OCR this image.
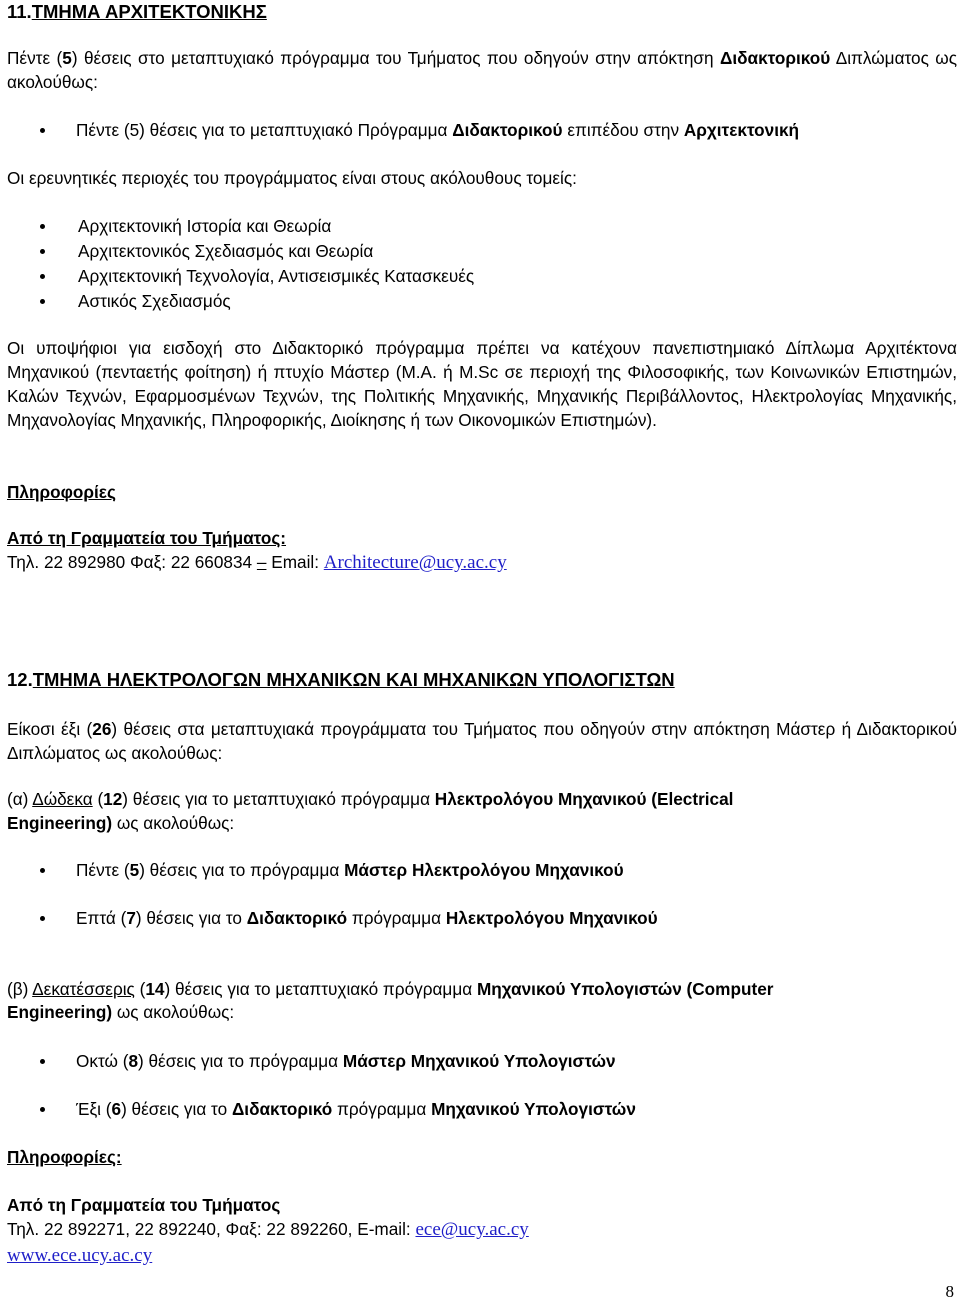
11.ΤΜΗΜΑ ΑΡΧΙΤΕΚΤΟΝΙΚΗΣ
Πέντε (5) θέσεις στο μεταπτυχιακό πρόγραμμα του Τμήματος που οδηγούν στην απόκτηση Διδακτορικού Διπλώματος ως ακολούθως:
Πέντε (5) θέσεις για το μεταπτυχιακό Πρόγραμμα Διδακτορικού επιπέδου στην Αρχιτεκτονική
Οι ερευνητικές περιοχές του προγράμματος είναι στους ακόλουθους τομείς:
Αρχιτεκτονική Ιστορία και Θεωρία
Αρχιτεκτονικός Σχεδιασμός και Θεωρία
Αρχιτεκτονική Τεχνολογία, Αντισεισμικές Κατασκευές
Αστικός Σχεδιασμός
Οι υποψήφιοι για εισδοχή στο Διδακτορικό πρόγραμμα πρέπει να κατέχουν πανεπιστημιακό Δίπλωμα Αρχιτέκτονα Μηχανικού (πενταετής φοίτηση) ή πτυχίο Μάστερ (Μ.Α. ή Μ.Sc σε περιοχή της Φιλοσοφικής, των Κοινωνικών Επιστημών, Καλών Τεχνών, Εφαρμοσμένων Τεχνών, της Πολιτικής Μηχανικής, Μηχανικής Περιβάλλοντος, Ηλεκτρολογίας Μηχανικής, Μηχανολογίας Μηχανικής, Πληροφορικής, Διοίκησης ή των Οικονομικών Επιστημών).
Πληροφορίες
Από τη Γραμματεία του Τμήματος:
Τηλ. 22 892980 Φαξ: 22 660834 – Email: Architecture@ucy.ac.cy
12.ΤΜΗΜΑ ΗΛΕΚΤΡΟΛΟΓΩΝ ΜΗΧΑΝΙΚΩΝ ΚΑΙ ΜΗΧΑΝΙΚΩΝ ΥΠΟΛΟΓΙΣΤΩΝ
Είκοσι έξι (26) θέσεις στα μεταπτυχιακά προγράμματα του Τμήματος που οδηγούν στην απόκτηση Μάστερ ή Διδακτορικού Διπλώματος ως ακολούθως:
(α) Δώδεκα (12) θέσεις για το μεταπτυχιακό πρόγραμμα Ηλεκτρολόγου Μηχανικού (Electrical
Engineering) ως ακολούθως:
Πέντε (5) θέσεις για το πρόγραμμα Μάστερ Ηλεκτρολόγου Μηχανικού
Επτά (7) θέσεις για το Διδακτορικό πρόγραμμα Ηλεκτρολόγου Μηχανικού
(β) Δεκατέσσερις (14) θέσεις για το μεταπτυχιακό πρόγραμμα Μηχανικού Υπολογιστών (Computer
Engineering) ως ακολούθως:
Οκτώ (8) θέσεις για το πρόγραμμα Μάστερ Μηχανικού Υπολογιστών
Έξι (6) θέσεις για το Διδακτορικό πρόγραμμα Μηχανικού Υπολογιστών
Πληροφορίες:
Από τη Γραμματεία του Τμήματος
Τηλ. 22 892271, 22 892240, Φαξ: 22 892260, E-mail: ece@ucy.ac.cy
www.ece.ucy.ac.cy
8
